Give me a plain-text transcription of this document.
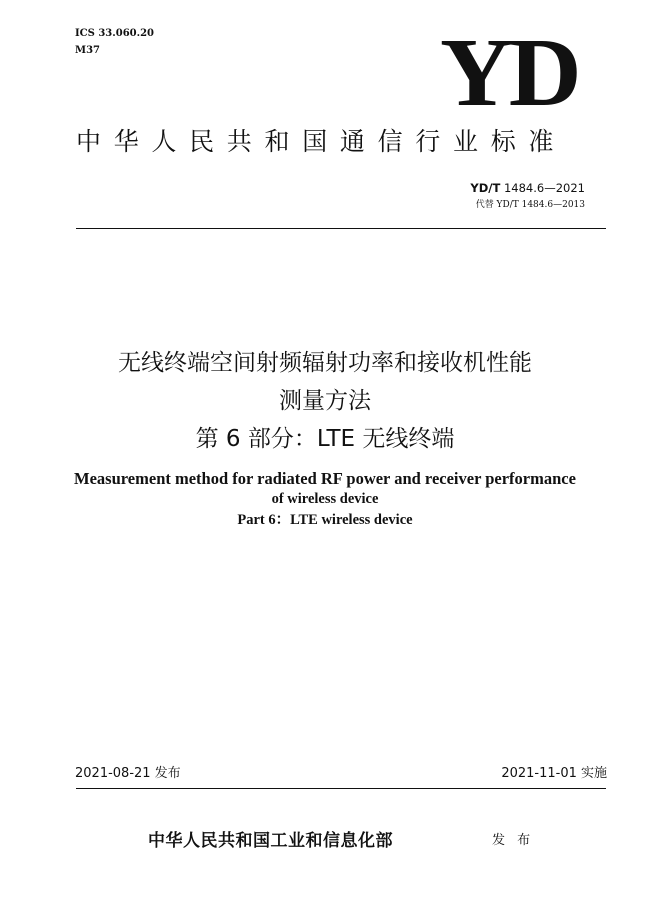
ICS 33.060.20
M37	YD
中华人民共和国通信行业标准
YD/T 1484.6—2021
代替 YD/T 1484.6—2013
无线终端空间射频辐射功率和接收机性能
测量方法
第 6 部分：LTE 无线终端
Measurement method for radiated RF power and receiver performance
of wireless device
Part 6：LTE wireless device
2021-08-21 发布	2021-11-01 实施
中华人民共和国工业和信息化部	发 布
